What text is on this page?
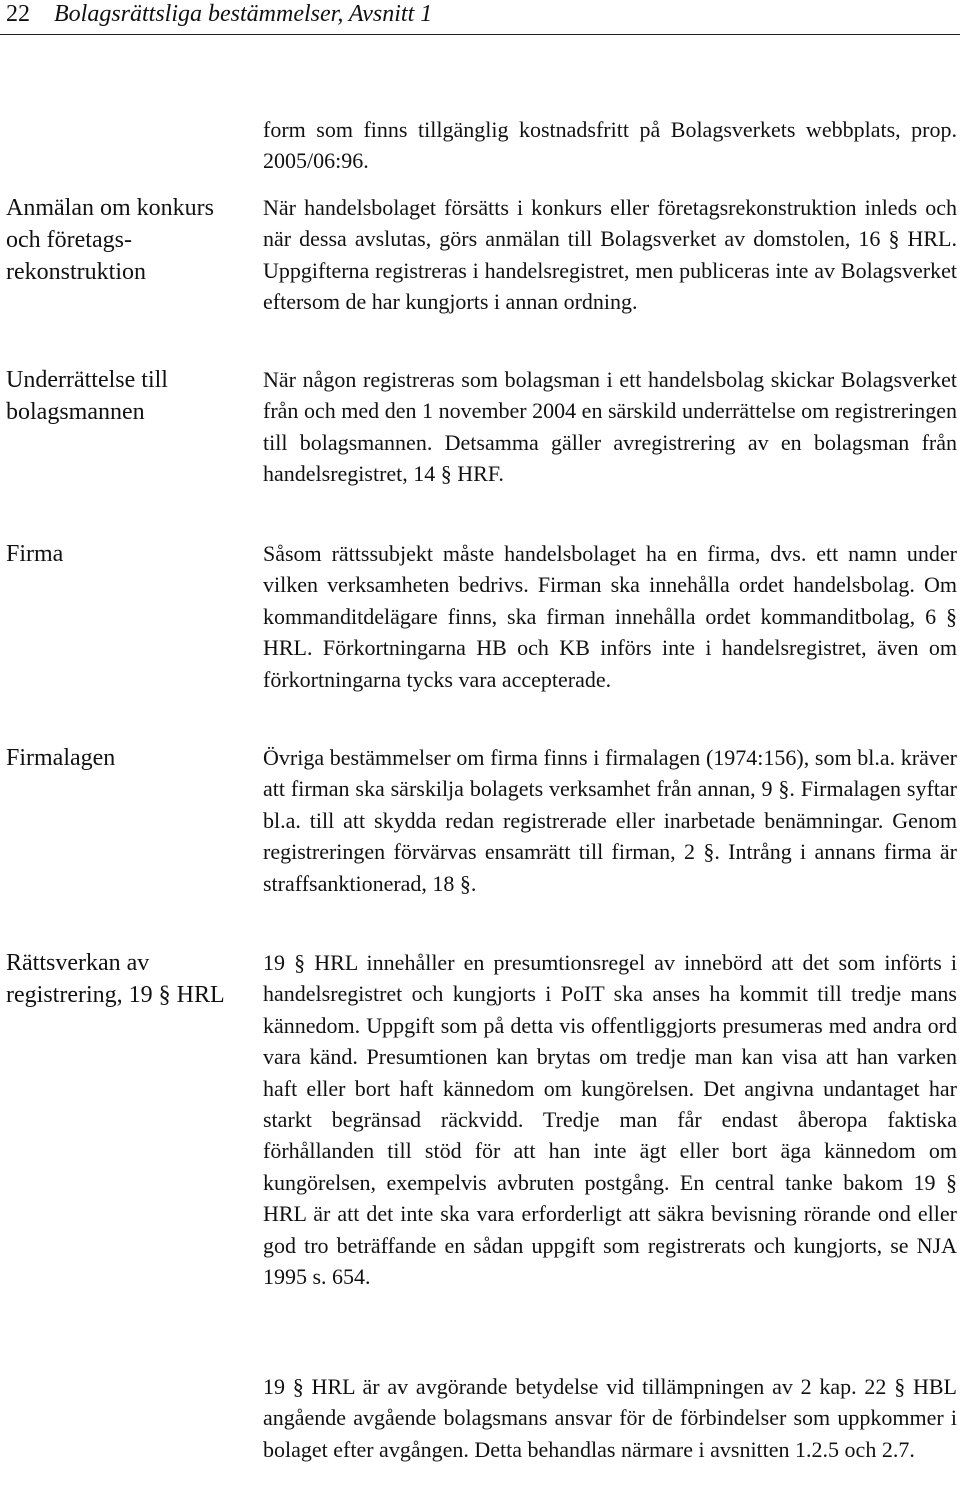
22 Bolagsrättsliga bestämmelser, Avsnitt 1
Anmälan om konkurs och företagsrekonstruktion
Underrättelse till bolagsmannen
Firma
Firmalagen
Rättsverkan av registrering, 19 § HRL
form som finns tillgänglig kostnadsfritt på Bolagsverkets webbplats, prop. 2005/06:96.
När handelsbolaget försätts i konkurs eller företagsrekonstruktion inleds och när dessa avslutas, görs anmälan till Bolagsverket av domstolen, 16 § HRL. Uppgifterna registreras i handelsregistret, men publiceras inte av Bolagsverket eftersom de har kungjorts i annan ordning.
När någon registreras som bolagsman i ett handelsbolag skickar Bolagsverket från och med den 1 november 2004 en särskild underrättelse om registreringen till bolagsmannen. Detsamma gäller avregistrering av en bolagsman från handelsregistret, 14 § HRF.
Såsom rättssubjekt måste handelsbolaget ha en firma, dvs. ett namn under vilken verksamheten bedrivs. Firman ska innehålla ordet handelsbolag. Om kommanditdelägare finns, ska firman innehålla ordet kommanditbolag, 6 § HRL. Förkortningarna HB och KB införs inte i handelsregistret, även om förkortningarna tycks vara accepterade.
Övriga bestämmelser om firma finns i firmalagen (1974:156), som bl.a. kräver att firman ska särskilja bolagets verksamhet från annan, 9 §. Firmalagen syftar bl.a. till att skydda redan registrerade eller inarbetade benämningar. Genom registreringen förvärvas ensamrätt till firman, 2 §. Intrång i annans firma är straffsanktionerad, 18 §.
19 § HRL innehåller en presumtionsregel av innebörd att det som införts i handelsregistret och kungjorts i PoIT ska anses ha kommit till tredje mans kännedom. Uppgift som på detta vis offentliggjorts presumeras med andra ord vara känd. Presumtionen kan brytas om tredje man kan visa att han varken haft eller bort haft kännedom om kungörelsen. Det angivna undantaget har starkt begränsad räckvidd. Tredje man får endast åberopa faktiska förhållanden till stöd för att han inte ägt eller bort äga kännedom om kungörelsen, exempelvis avbruten postgång. En central tanke bakom 19 § HRL är att det inte ska vara erforderligt att säkra bevisning rörande ond eller god tro beträffande en sådan uppgift som registrerats och kungjorts, se NJA 1995 s. 654.
19 § HRL är av avgörande betydelse vid tillämpningen av 2 kap. 22 § HBL angående avgående bolagsmans ansvar för de förbindelser som uppkommer i bolaget efter avgången. Detta behandlas närmare i avsnitten 1.2.5 och 2.7.
